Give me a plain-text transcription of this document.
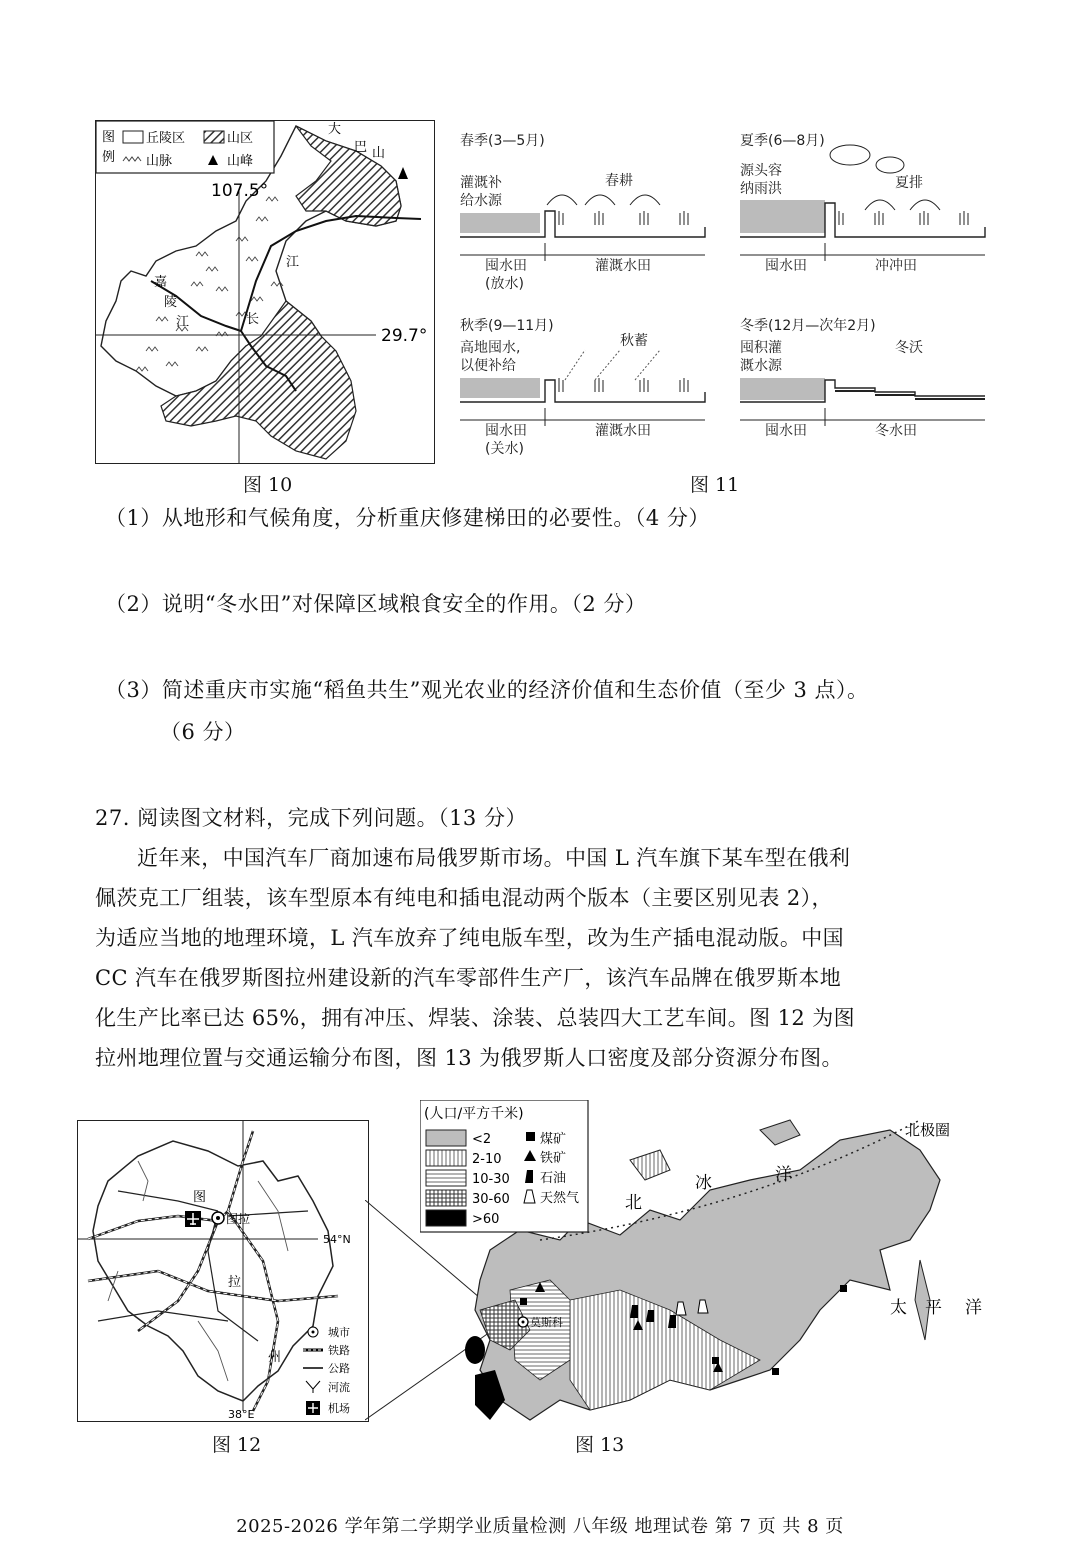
图
例
丘陵区	山区
山脉	山峰
107.5°
29.7°
大
巴 山
嘉
陵
江	长
江
图 10
春季(3—5月)
灌溉补
给水源
春耕
囤水田
(放水)
灌溉水田
夏季(6—8月)
源头容
纳雨洪	夏排
囤水田	冲冲田
秋季(9—11月)
高地囤水,
以便补给
秋蓄
囤水田
(关水)
灌溉水田
冬季(12月—次年2月)
囤积灌
溉水源
冬沃
囤水田	冬水田
图 11
（1）从地形和气候角度，分析重庆修建梯田的必要性。（4 分）
（2）说明“冬水田”对保障区域粮食安全的作用。（2 分）
（3）简述重庆市实施“稻鱼共生”观光农业的经济价值和生态价值（至少 3 点）。
（6 分）
27. 阅读图文材料，完成下列问题。（13 分）
近年来，中国汽车厂商加速布局俄罗斯市场。中国 L 汽车旗下某车型在俄利
佩茨克工厂组装，该车型原本有纯电和插电混动两个版本（主要区别见表 2），
为适应当地的地理环境，L 汽车放弃了纯电版车型，改为生产插电混动版。中国
CC 汽车在俄罗斯图拉州建设新的汽车零部件生产厂，该汽车品牌在俄罗斯本地
化生产比率已达 65%，拥有冲压、焊装、涂装、总装四大工艺车间。图 12 为图
拉州地理位置与交通运输分布图，图 13 为俄罗斯人口密度及部分资源分布图。
图拉
图
拉
州
54°N
38°E
城市
铁路
公路
河流
机场
图 12
北极圈
北
冰	洋
太 平 洋
莫斯科
(人口/平方千米)
<2
2-10
10-30
30-60
>60
煤矿
铁矿
石油
天然气
图 13
2025-2026 学年第二学期学业质量检测 八年级 地理试卷 第 7 页 共 8 页
